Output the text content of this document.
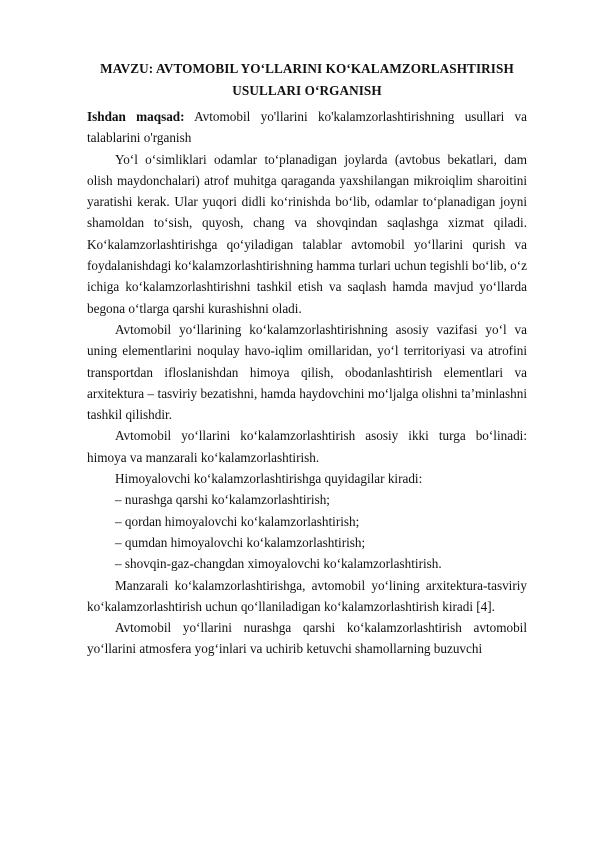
MAVZU: AVTOMOBIL YO‘LLARINI KO‘KALAMZORLASHTIRISH
USULLARI O‘RGANISH

Ishdan maqsad: Avtomobil yo'llarini ko'kalamzorlashtirishning usullari va talablarini o'rganish

Yo‘l o‘simliklari odamlar to‘planadigan joylarda (avtobus bekatlari, dam olish maydonchalari) atrof muhitga qaraganda yaxshilangan mikroiqlim sharoitini yaratishi kerak. Ular yuqori didli ko‘rinishda bo‘lib, odamlar to‘planadigan joyni shamoldan to‘sish, quyosh, chang va shovqindan saqlashga xizmat qiladi. Ko‘kalamzorlashtirishga qo‘yiladigan talablar avtomobil yo‘llarini qurish va foydalanishdagi ko‘kalamzorlashtirishning hamma turlari uchun tegishli bo‘lib, o‘z ichiga ko‘kalamzorlashtirishni tashkil etish va saqlash hamda mavjud yo‘llarda begona o‘tlarga qarshi kurashishni oladi.

Avtomobil yo‘llarining ko‘kalamzorlashtirishning asosiy vazifasi yo‘l va uning elementlarini noqulay havo-iqlim omillaridan, yo‘l territoriyasi va atrofini transportdan ifloslanishdan himoya qilish, obodanlashtirish elementlari va arxitektura – tasviriy bezatishni, hamda haydovchini mo‘ljalga olishni ta’minlashni tashkil qilishdir.

Avtomobil yo‘llarini ko‘kalamzorlashtirish asosiy ikki turga bo‘linadi: himoya va manzarali ko‘kalamzorlashtirish.

Himoyalovchi ko‘kalamzorlashtirishga quyidagilar kiradi:

– nurashga qarshi ko‘kalamzorlashtirish;

– qordan himoyalovchi ko‘kalamzorlashtirish;

– qumdan himoyalovchi ko‘kalamzorlashtirish;

– shovqin-gaz-changdan ximoyalovchi ko‘kalamzorlashtirish.

Manzarali ko‘kalamzorlashtirishga, avtomobil yo‘lining arxitektura-tasviriy ko‘kalamzorlashtirish uchun qo‘llaniladigan ko‘kalamzorlashtirish kiradi [4].

Avtomobil yo‘llarini nurashga qarshi ko‘kalamzorlashtirish avtomobil yo‘llarini atmosfera yog‘inlari va uchirib ketuvchi shamollarning buzuvchi
